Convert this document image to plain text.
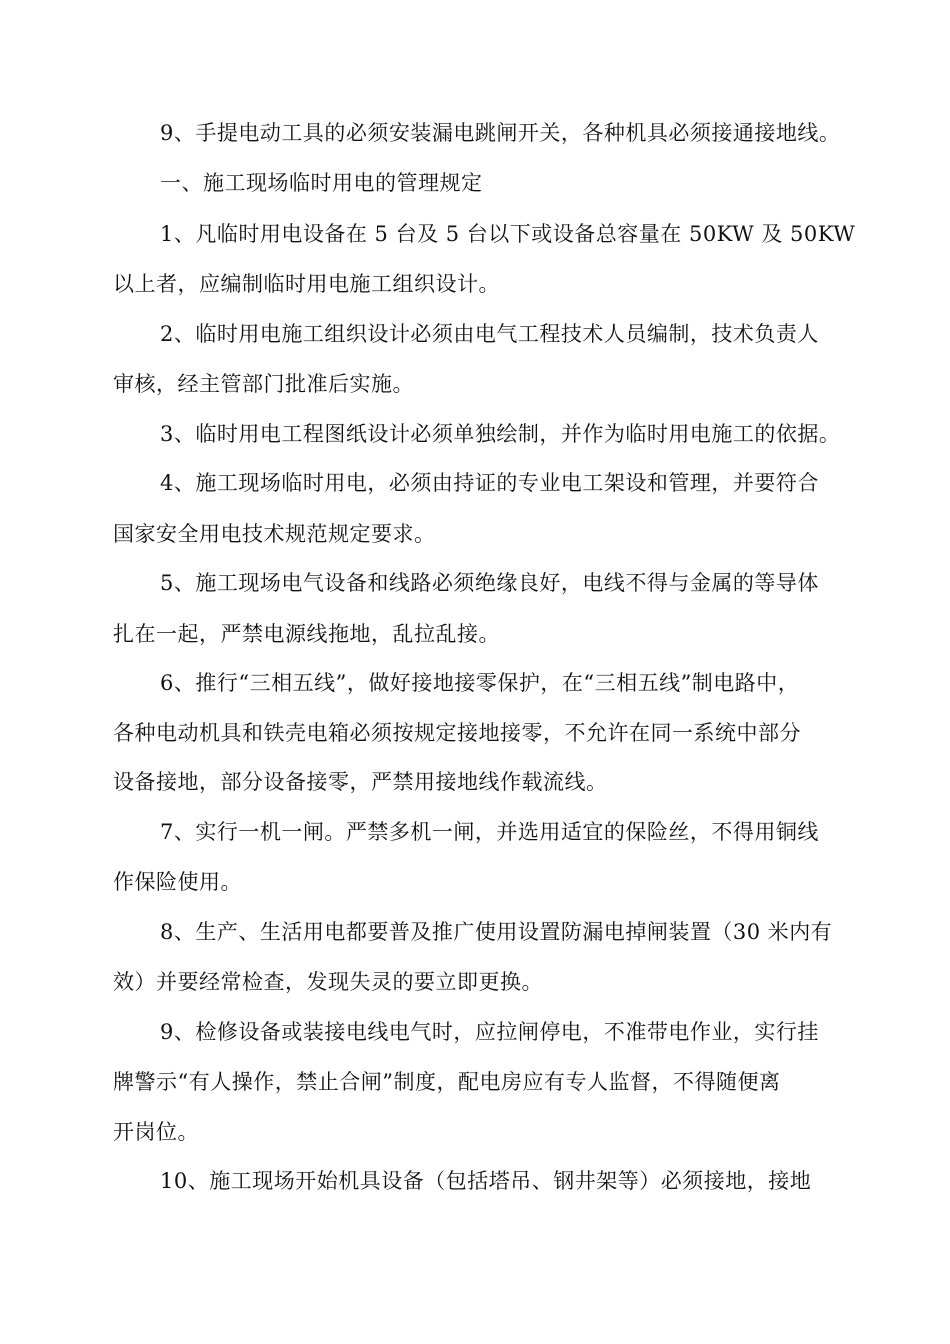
9、手提电动工具的必须安装漏电跳闸开关，各种机具必须接通接地线。
一、施工现场临时用电的管理规定
1、凡临时用电设备在 5 台及 5 台以下或设备总容量在 50KW 及 50KW
以上者，应编制临时用电施工组织设计。
2、临时用电施工组织设计必须由电气工程技术人员编制，技术负责人
审核，经主管部门批准后实施。
3、临时用电工程图纸设计必须单独绘制，并作为临时用电施工的依据。
4、施工现场临时用电，必须由持证的专业电工架设和管理，并要符合
国家安全用电技术规范规定要求。
5、施工现场电气设备和线路必须绝缘良好，电线不得与金属的等导体
扎在一起，严禁电源线拖地，乱拉乱接。
6、推行“三相五线”，做好接地接零保护，在“三相五线”制电路中，
各种电动机具和铁壳电箱必须按规定接地接零，不允许在同一系统中部分
设备接地，部分设备接零，严禁用接地线作载流线。
7、实行一机一闸。严禁多机一闸，并选用适宜的保险丝，不得用铜线
作保险使用。
8、生产、生活用电都要普及推广使用设置防漏电掉闸装置（30 米内有
效）并要经常检查，发现失灵的要立即更换。
9、检修设备或装接电线电气时，应拉闸停电，不准带电作业，实行挂
牌警示“有人操作，禁止合闸”制度，配电房应有专人监督，不得随便离
开岗位。
10、施工现场开始机具设备（包括塔吊、钢井架等）必须接地，接地
